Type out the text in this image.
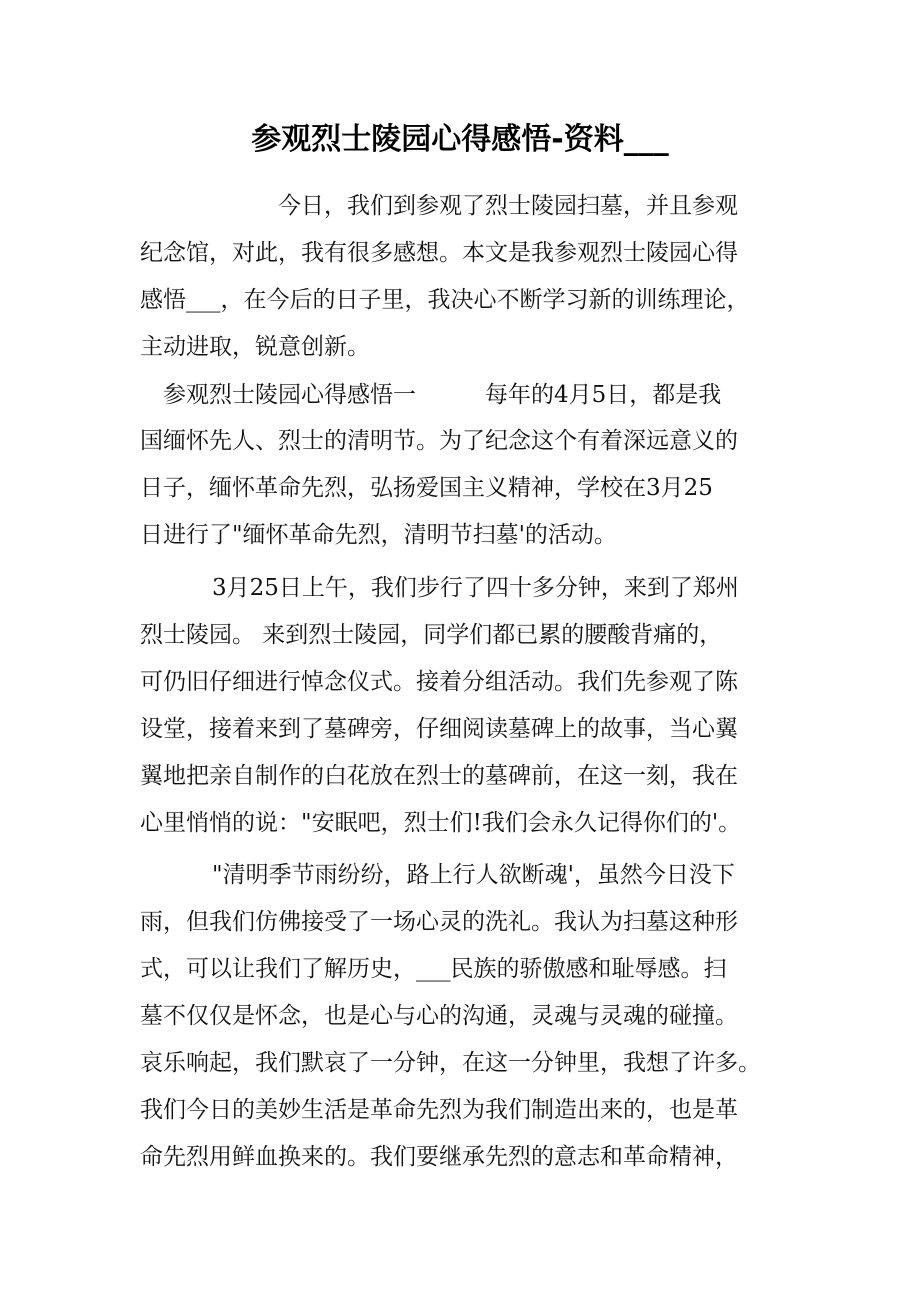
参观烈士陵园心得感悟-资料___
今日，我们到参观了烈士陵园扫墓，并且参观
纪念馆，对此，我有很多感想。本文是我参观烈士陵园心得
感悟___，在今后的日子里，我决心不断学习新的训练理论，
主动进取，锐意创新。
参观烈士陵园心得感悟一　　　每年的4月5日，都是我
国缅怀先人、烈士的清明节。为了纪念这个有着深远意义的
日子，缅怀革命先烈，弘扬爱国主义精神，学校在3月25
日进行了"缅怀革命先烈，清明节扫墓'的活动。
3月25日上午，我们步行了四十多分钟，来到了郑州
烈士陵园。 来到烈士陵园，同学们都已累的腰酸背痛的，
可仍旧仔细进行悼念仪式。接着分组活动。我们先参观了陈
设堂，接着来到了墓碑旁，仔细阅读墓碑上的故事，当心翼
翼地把亲自制作的白花放在烈士的墓碑前，在这一刻，我在
心里悄悄的说："安眠吧，烈士们!我们会永久记得你们的'。
"清明季节雨纷纷，路上行人欲断魂'，虽然今日没下
雨，但我们仿佛接受了一场心灵的洗礼。我认为扫墓这种形
式，可以让我们了解历史，___民族的骄傲感和耻辱感。扫
墓不仅仅是怀念，也是心与心的沟通，灵魂与灵魂的碰撞。
哀乐响起，我们默哀了一分钟，在这一分钟里，我想了许多。
我们今日的美妙生活是革命先烈为我们制造出来的，也是革
命先烈用鲜血换来的。我们要继承先烈的意志和革命精神，
